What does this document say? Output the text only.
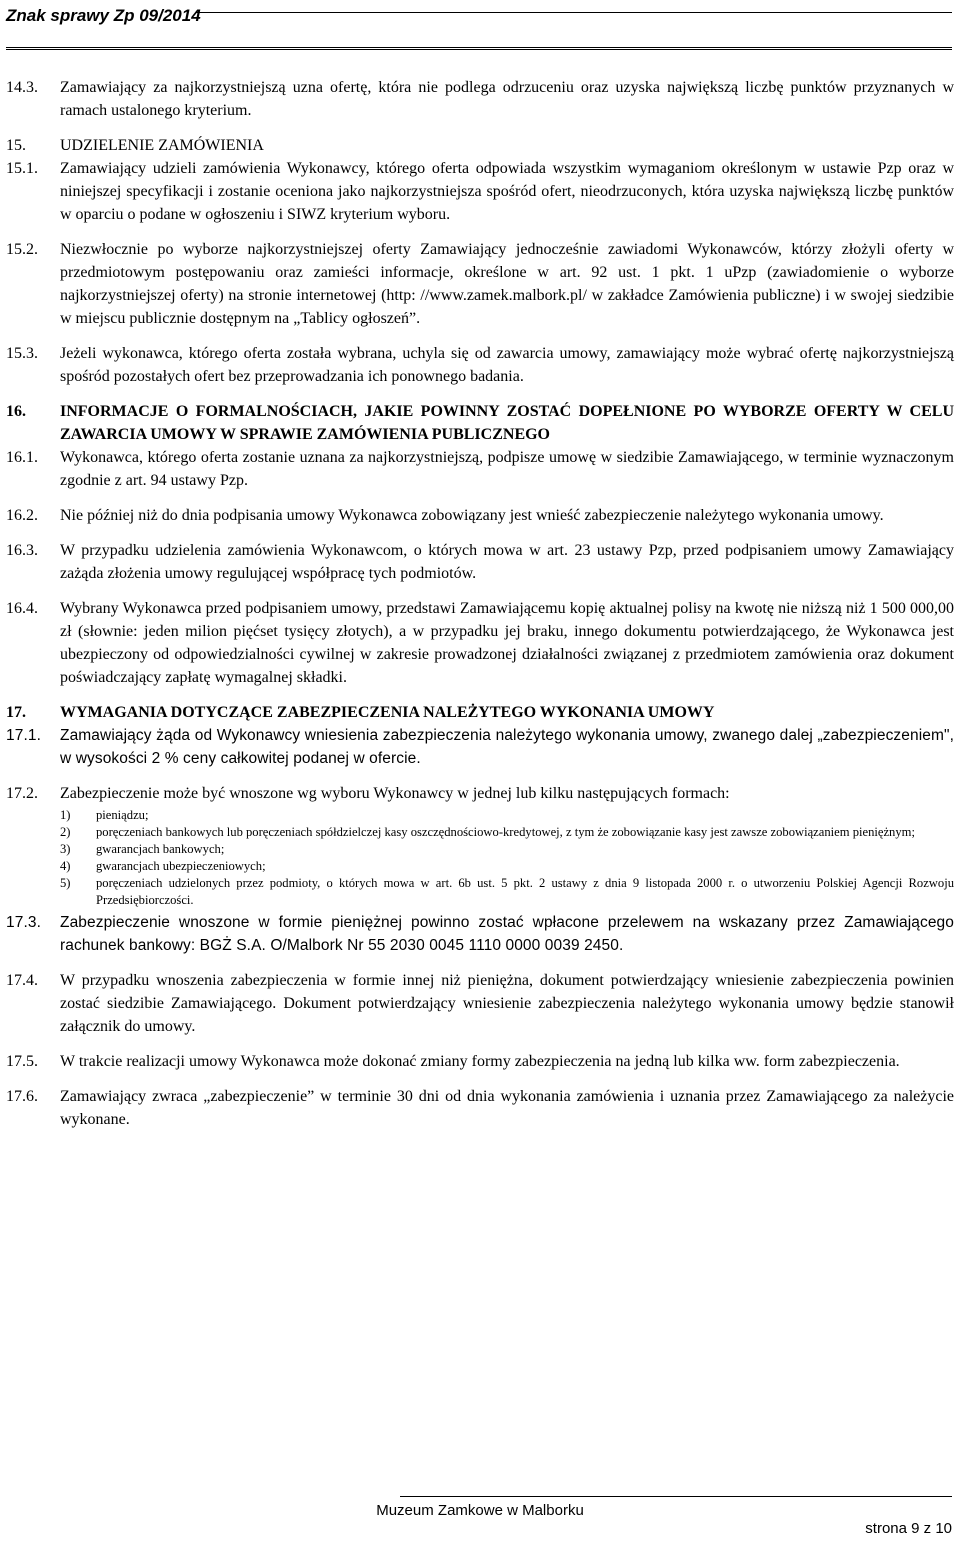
Znak sprawy Zp 09/2014
14.3. Zamawiający za najkorzystniejszą uzna ofertę, która nie podlega odrzuceniu oraz uzyska największą liczbę punktów przyznanych w ramach ustalonego kryterium.
15. UDZIELENIE ZAMÓWIENIA
15.1. Zamawiający udzieli zamówienia Wykonawcy, którego oferta odpowiada wszystkim wymaganiom określonym w ustawie Pzp oraz w niniejszej specyfikacji i zostanie oceniona jako najkorzystniejsza spośród ofert, nieodrzuconych, która uzyska największą liczbę punktów w oparciu o podane w ogłoszeniu i SIWZ kryterium wyboru.
15.2. Niezwłocznie po wyborze najkorzystniejszej oferty Zamawiający jednocześnie zawiadomi Wykonawców, którzy złożyli oferty w przedmiotowym postępowaniu oraz zamieści informacje, określone w art. 92 ust. 1 pkt. 1 uPzp (zawiadomienie o wyborze najkorzystniejszej oferty) na stronie internetowej (http: //www.zamek.malbork.pl/ w zakładce Zamówienia publiczne) i w swojej siedzibie w miejscu publicznie dostępnym na „Tablicy ogłoszeń”.
15.3. Jeżeli wykonawca, którego oferta została wybrana, uchyla się od zawarcia umowy, zamawiający może wybrać ofertę najkorzystniejszą spośród pozostałych ofert bez przeprowadzania ich ponownego badania.
16. INFORMACJE O FORMALNOŚCIACH, JAKIE POWINNY ZOSTAĆ DOPEŁNIONE PO WYBORZE OFERTY W CELU ZAWARCIA UMOWY W SPRAWIE ZAMÓWIENIA PUBLICZNEGO
16.1. Wykonawca, którego oferta zostanie uznana za najkorzystniejszą, podpisze umowę w siedzibie Zamawiającego, w terminie wyznaczonym zgodnie z art. 94 ustawy Pzp.
16.2. Nie później niż do dnia podpisania umowy Wykonawca zobowiązany jest wnieść zabezpieczenie należytego wykonania umowy.
16.3. W przypadku udzielenia zamówienia Wykonawcom, o których mowa w art. 23 ustawy Pzp, przed podpisaniem umowy Zamawiający zażąda złożenia umowy regulującej współpracę tych podmiotów.
16.4. Wybrany Wykonawca przed podpisaniem umowy, przedstawi Zamawiającemu kopię aktualnej polisy na kwotę nie niższą niż 1 500 000,00 zł (słownie: jeden milion pięćset tysięcy złotych), a w przypadku jej braku, innego dokumentu potwierdzającego, że Wykonawca jest ubezpieczony od odpowiedzialności cywilnej w zakresie prowadzonej działalności związanej z przedmiotem zamówienia oraz dokument poświadczający zapłatę wymagalnej składki.
17. WYMAGANIA DOTYCZĄCE ZABEZPIECZENIA NALEŻYTEGO WYKONANIA UMOWY
17.1. Zamawiający żąda od Wykonawcy wniesienia zabezpieczenia należytego wykonania umowy, zwanego dalej „zabezpieczeniem", w wysokości 2 % ceny całkowitej podanej w ofercie.
17.2. Zabezpieczenie może być wnoszone wg wyboru Wykonawcy w jednej lub kilku następujących formach:
1) pieniądzu;
2) poręczeniach bankowych lub poręczeniach spółdzielczej kasy oszczędnościowo-kredytowej, z tym że zobowiązanie kasy jest zawsze zobowiązaniem pieniężnym;
3) gwarancjach bankowych;
4) gwarancjach ubezpieczeniowych;
5) poręczeniach udzielonych przez podmioty, o których mowa w art. 6b ust. 5 pkt. 2 ustawy z dnia 9 listopada 2000 r. o utworzeniu Polskiej Agencji Rozwoju Przedsiębiorczości.
17.3. Zabezpieczenie wnoszone w formie pieniężnej powinno zostać wpłacone przelewem na wskazany przez Zamawiającego rachunek bankowy: BGŻ S.A. O/Malbork Nr 55 2030 0045 1110 0000 0039 2450.
17.4. W przypadku wnoszenia zabezpieczenia w formie innej niż pieniężna, dokument potwierdzający wniesienie zabezpieczenia powinien zostać siedzibie Zamawiającego. Dokument potwierdzający wniesienie zabezpieczenia należytego wykonania umowy będzie stanowił załącznik do umowy.
17.5. W trakcie realizacji umowy Wykonawca może dokonać zmiany formy zabezpieczenia na jedną lub kilka ww. form zabezpieczenia.
17.6. Zamawiający zwraca „zabezpieczenie” w terminie 30 dni od dnia wykonania zamówienia i uznania przez Zamawiającego za należycie wykonane.
Muzeum Zamkowe w Malborku
strona 9 z 10
